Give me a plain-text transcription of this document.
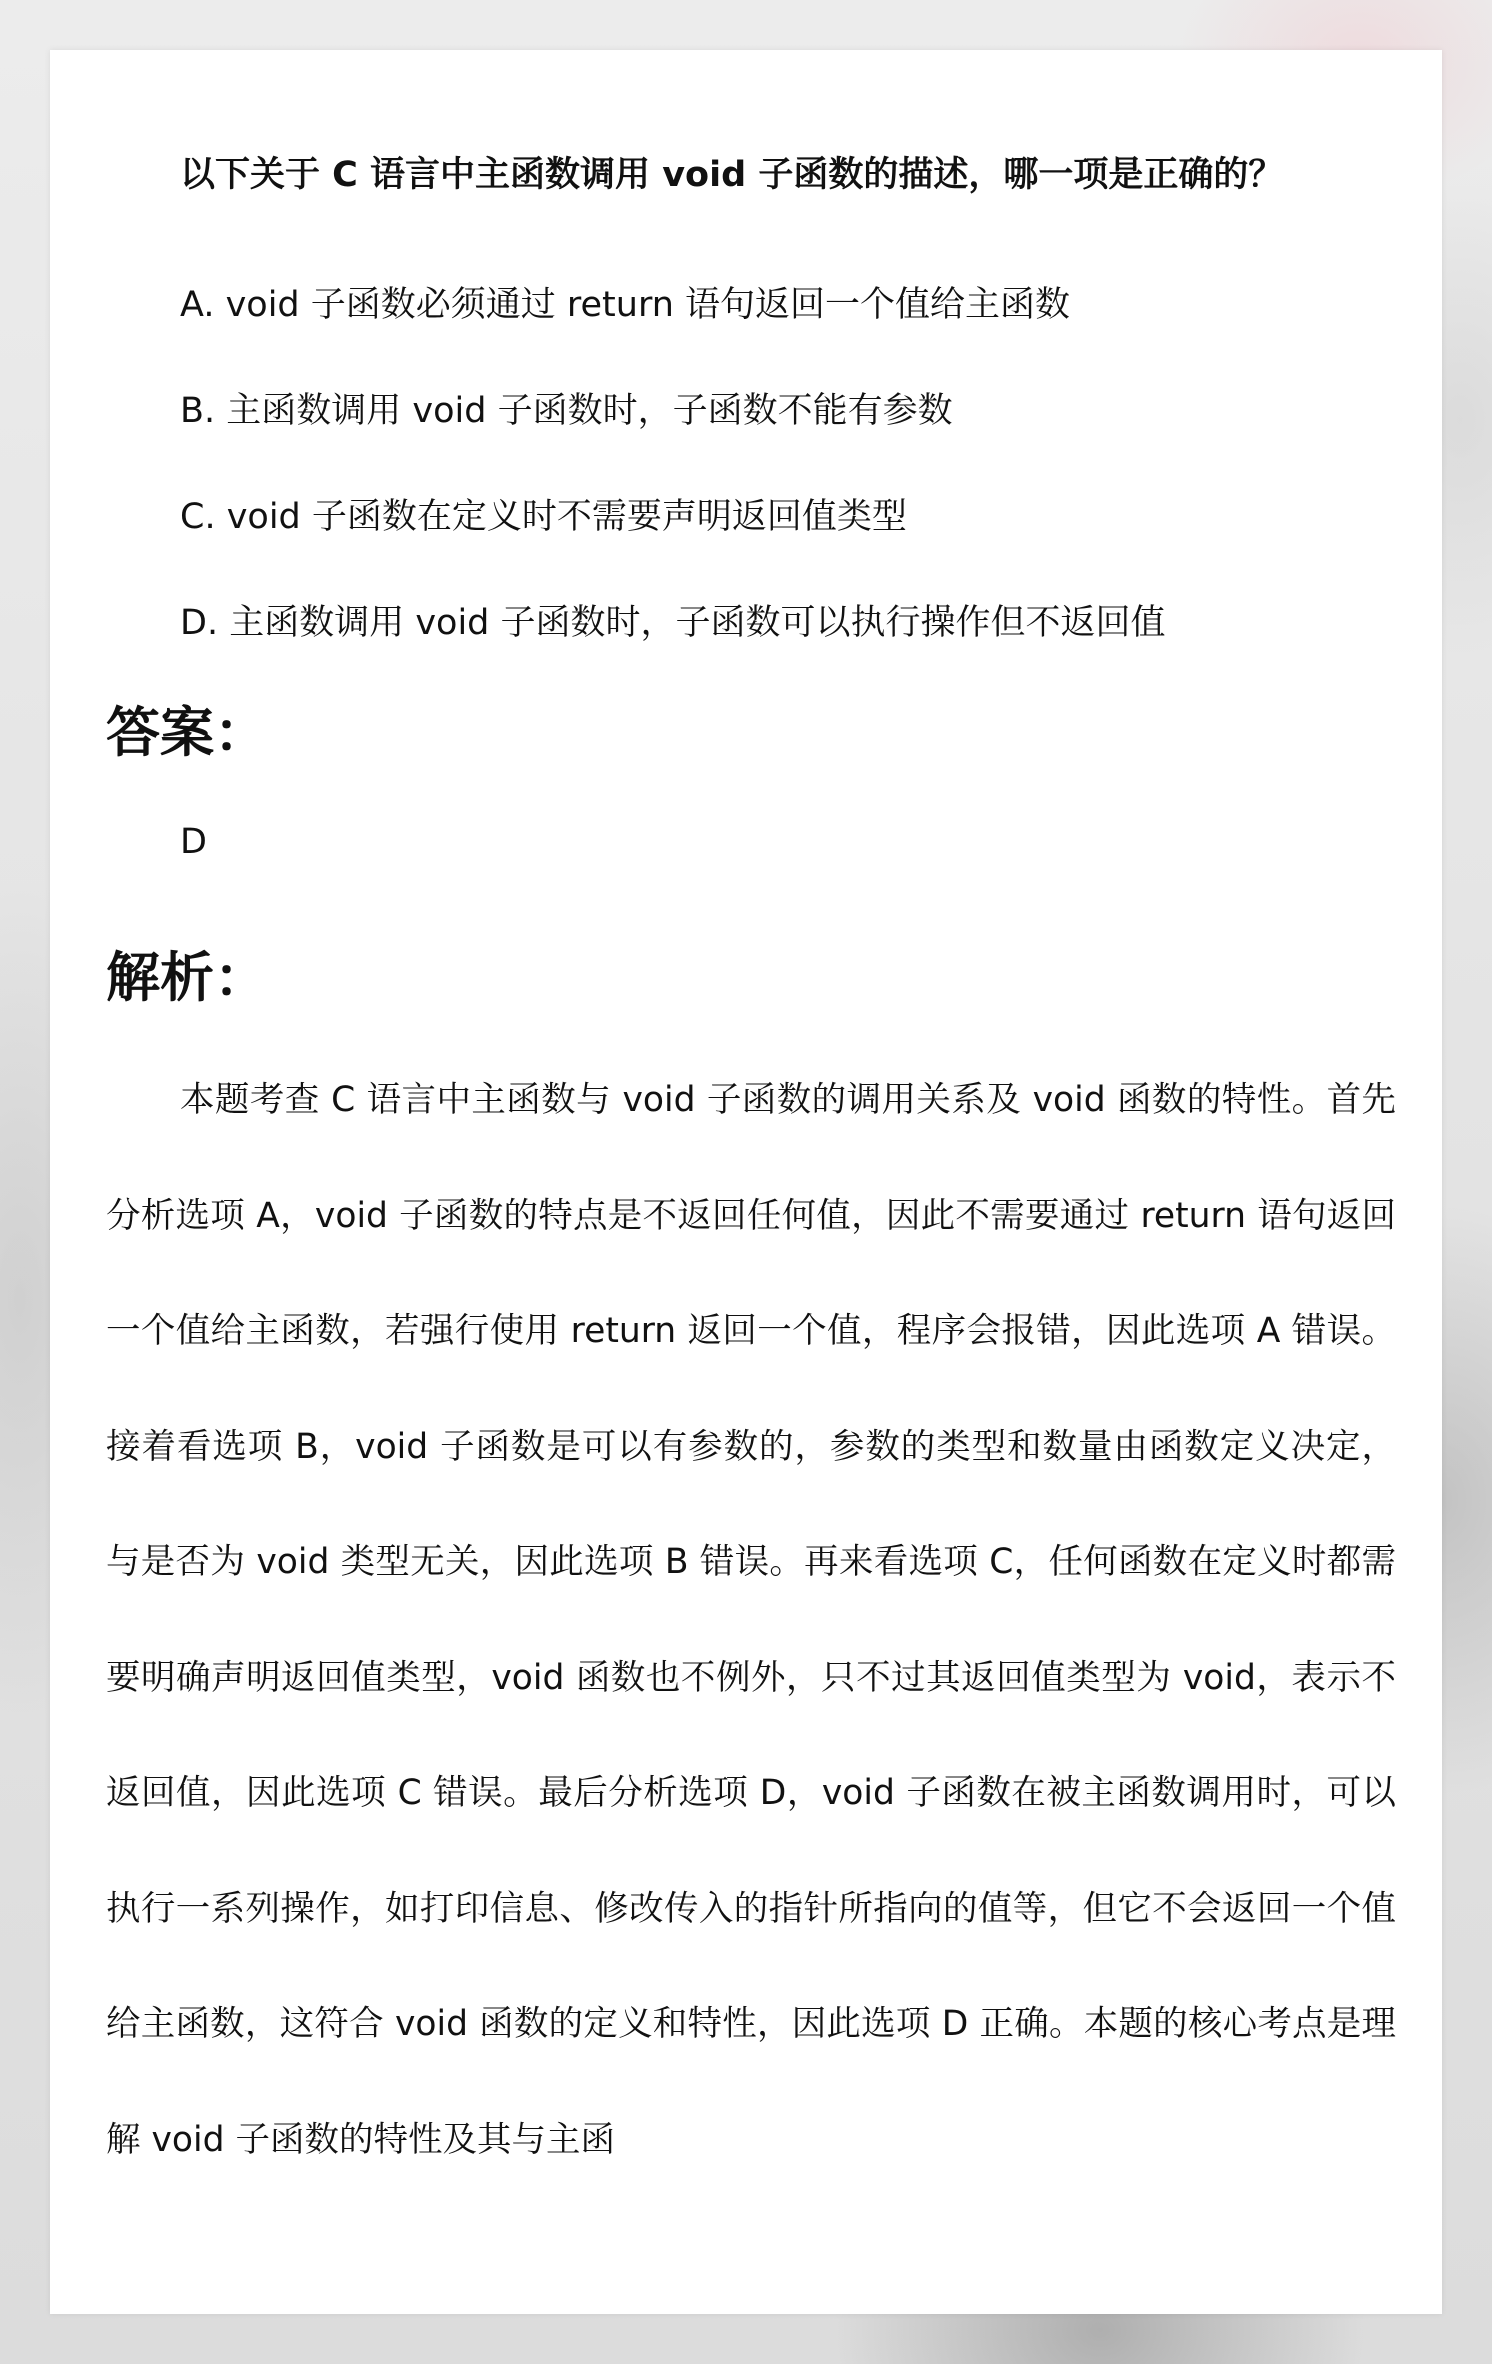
以下关于 C 语言中主函数调用 void 子函数的描述，哪一项是正确的？
A. void 子函数必须通过 return 语句返回一个值给主函数
B. 主函数调用 void 子函数时，子函数不能有参数
C. void 子函数在定义时不需要声明返回值类型
D. 主函数调用 void 子函数时，子函数可以执行操作但不返回值
答案：
D
解析：

本题考查 C 语言中主函数与 void 子函数的调用关系及 void 函数的特性。首先分析选项 A，void 子函数的特点是不返回任何值，因此不需要通过 return 语句返回一个值给主函数，若强行使用 return 返回一个值，程序会报错，因此选项 A 错误。接着看选项 B，void 子函数是可以有参数的，参数的类型和数量由函数定义决定，与是否为 void 类型无关，因此选项 B 错误。再来看选项 C，任何函数在定义时都需要明确声明返回值类型，void 函数也不例外，只不过其返回值类型为 void，表示不返回值，因此选项 C 错误。最后分析选项 D，void 子函数在被主函数调用时，可以执行一系列操作，如打印信息、修改传入的指针所指向的值等，但它不会返回一个值给主函数，这符合 void 函数的定义和特性，因此选项 D 正确。本题的核心考点是理解 void 子函数的特性及其与主函
